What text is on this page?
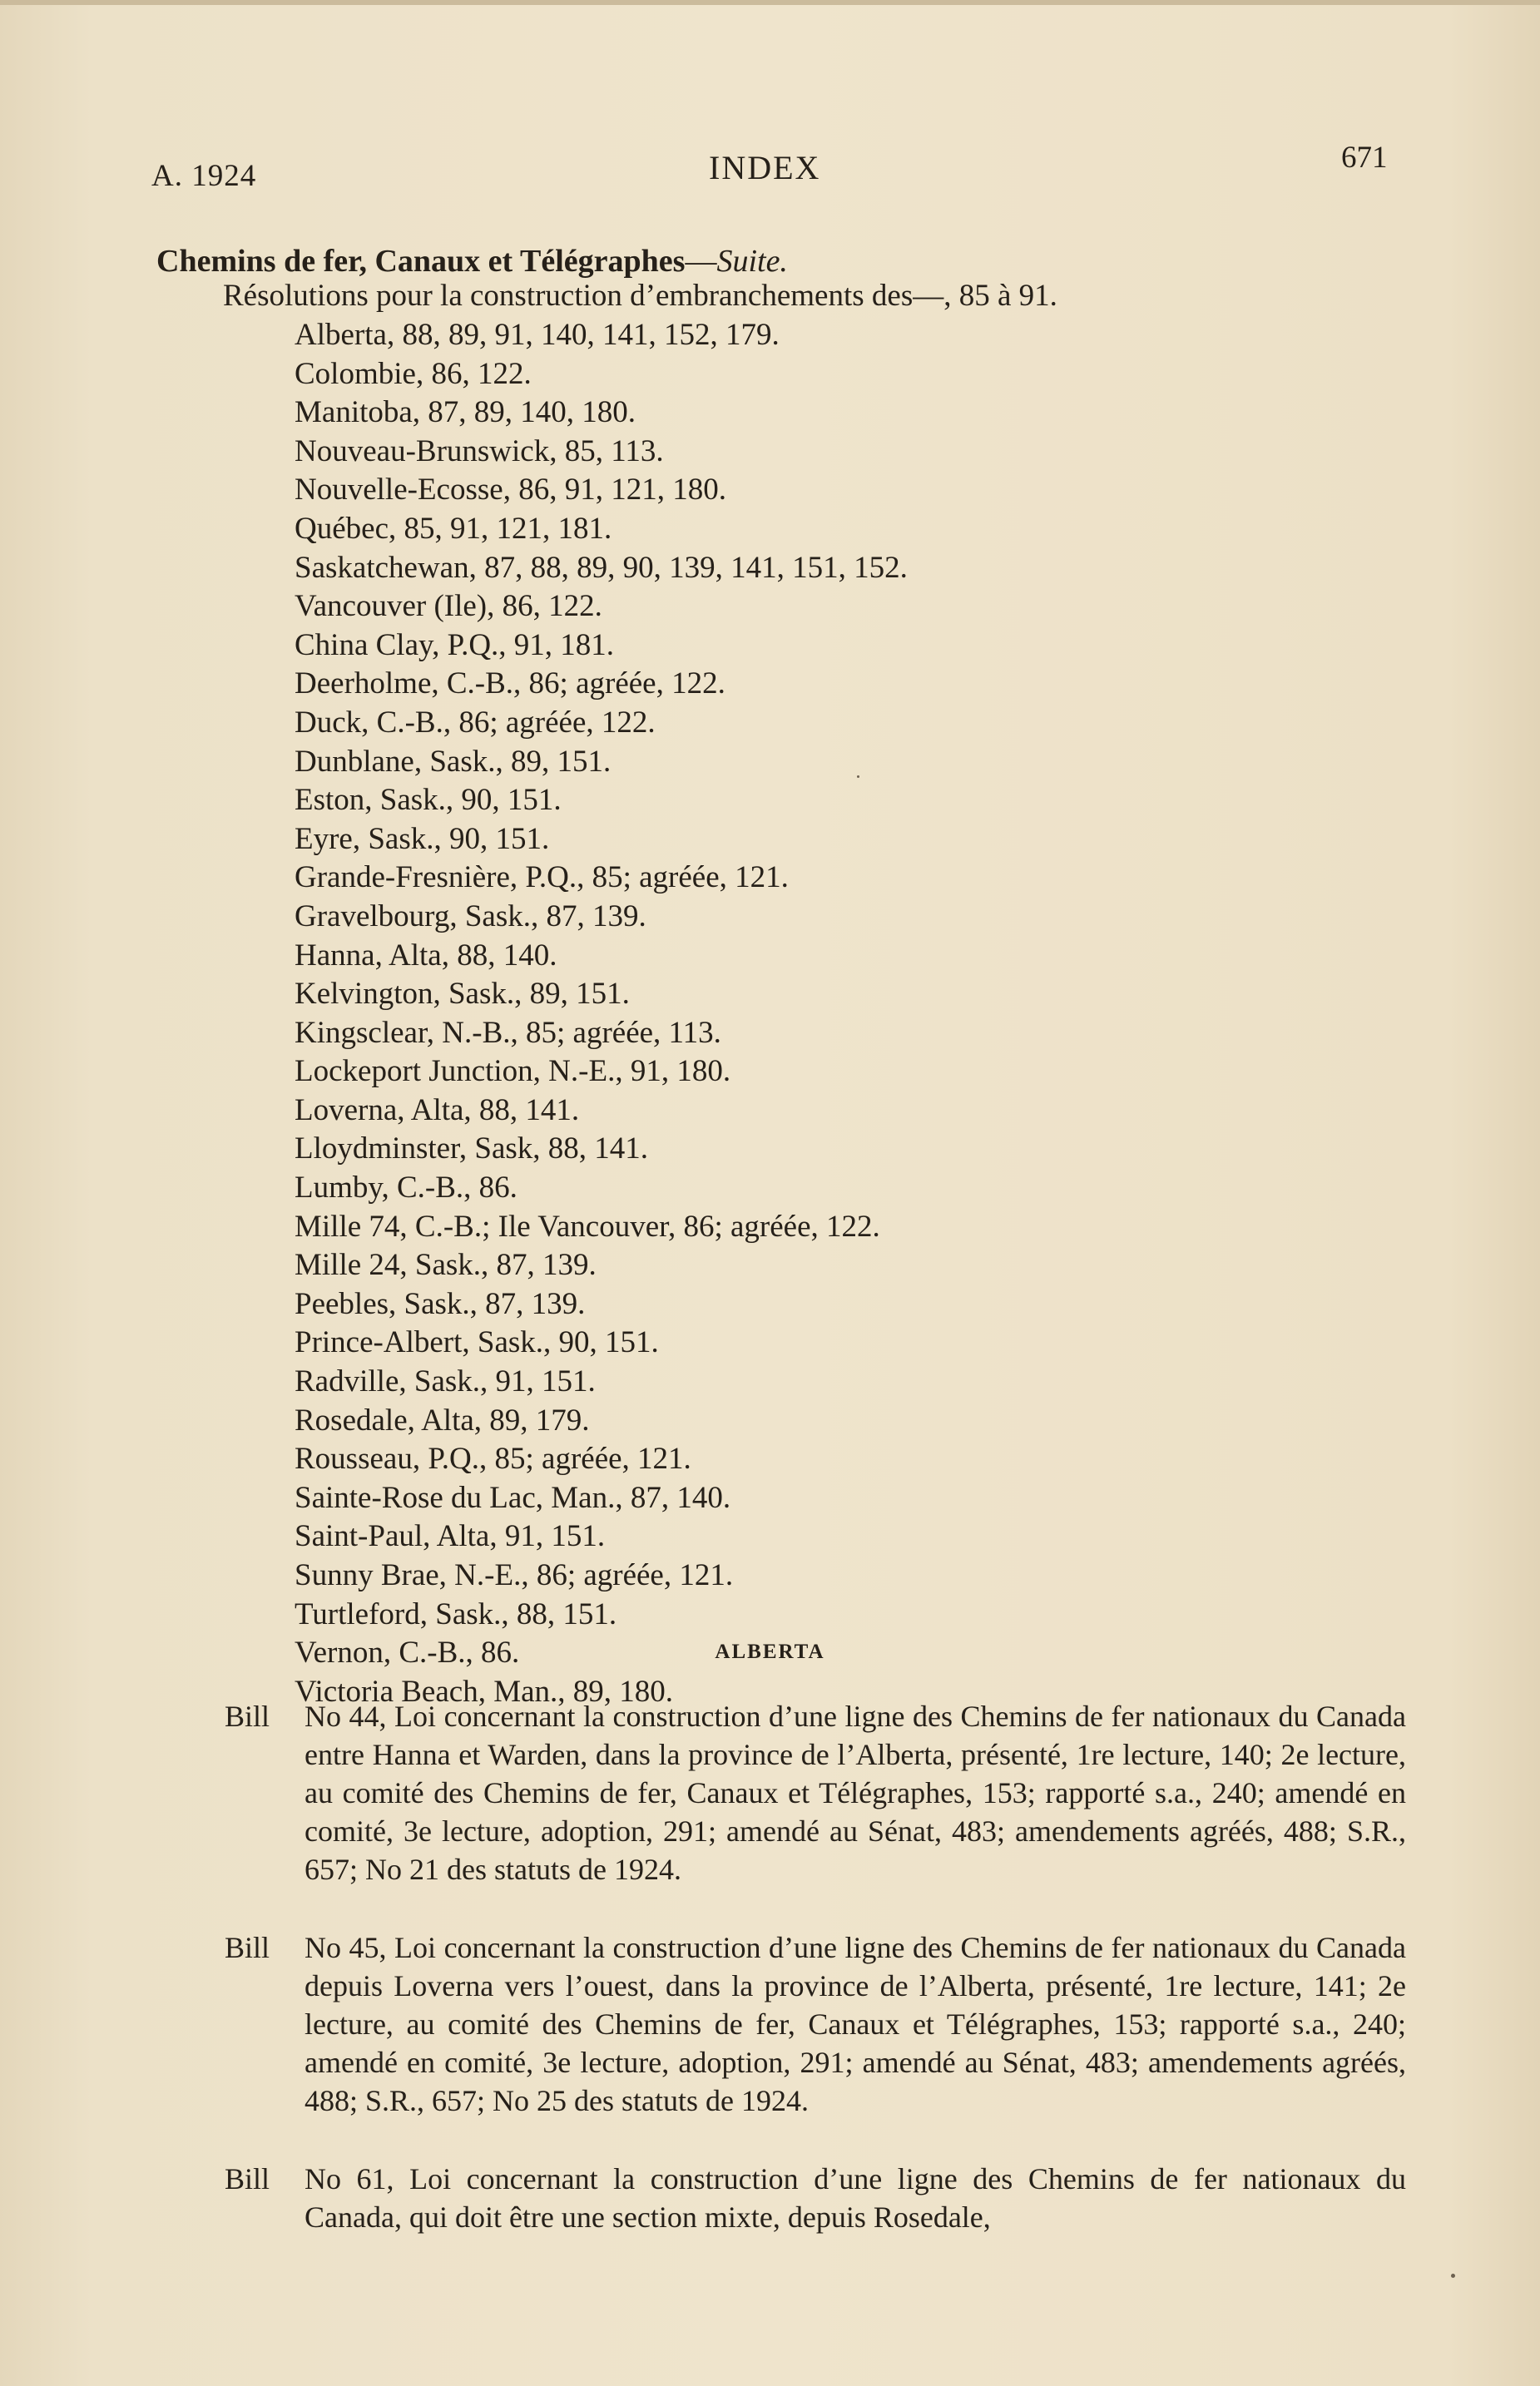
A. 1924	INDEX	671
Chemins de fer, Canaux et Télégraphes—Suite.
Résolutions pour la construction d’embranchements des—, 85 à 91.
Alberta, 88, 89, 91, 140, 141, 152, 179.
Colombie, 86, 122.
Manitoba, 87, 89, 140, 180.
Nouveau-Brunswick, 85, 113.
Nouvelle-Ecosse, 86, 91, 121, 180.
Québec, 85, 91, 121, 181.
Saskatchewan, 87, 88, 89, 90, 139, 141, 151, 152.
Vancouver (Ile), 86, 122.
China Clay, P.Q., 91, 181.
Deerholme, C.-B., 86; agréée, 122.
Duck, C.-B., 86; agréée, 122.
Dunblane, Sask., 89, 151.
Eston, Sask., 90, 151.
Eyre, Sask., 90, 151.
Grande-Fresnière, P.Q., 85; agréée, 121.
Gravelbourg, Sask., 87, 139.
Hanna, Alta, 88, 140.
Kelvington, Sask., 89, 151.
Kingsclear, N.-B., 85; agréée, 113.
Lockeport Junction, N.-E., 91, 180.
Loverna, Alta, 88, 141.
Lloydminster, Sask, 88, 141.
Lumby, C.-B., 86.
Mille 74, C.-B.; Ile Vancouver, 86; agréée, 122.
Mille 24, Sask., 87, 139.
Peebles, Sask., 87, 139.
Prince-Albert, Sask., 90, 151.
Radville, Sask., 91, 151.
Rosedale, Alta, 89, 179.
Rousseau, P.Q., 85; agréée, 121.
Sainte-Rose du Lac, Man., 87, 140.
Saint-Paul, Alta, 91, 151.
Sunny Brae, N.-E., 86; agréée, 121.
Turtleford, Sask., 88, 151.
Vernon, C.-B., 86.
Victoria Beach, Man., 89, 180.
ALBERTA
Bill	No 44, Loi concernant la construction d’une ligne des Chemins de fer nationaux du Canada entre Hanna et Warden, dans la province de l’Alberta, présenté, 1re lecture, 140; 2e lecture, au comité des Chemins de fer, Canaux et Télégraphes, 153; rapporté s.a., 240; amendé en comité, 3e lecture, adoption, 291; amendé au Sénat, 483; amendements agréés, 488; S.R., 657; No 21 des statuts de 1924.
Bill	No 45, Loi concernant la construction d’une ligne des Chemins de fer nationaux du Canada depuis Loverna vers l’ouest, dans la province de l’Alberta, présenté, 1re lecture, 141; 2e lecture, au comité des Chemins de fer, Canaux et Télégraphes, 153; rapporté s.a., 240; amendé en comité, 3e lecture, adoption, 291; amendé au Sénat, 483; amendements agréés, 488; S.R., 657; No 25 des statuts de 1924.
Bill	No 61, Loi concernant la construction d’une ligne des Chemins de fer nationaux du Canada, qui doit être une section mixte, depuis Rosedale,
